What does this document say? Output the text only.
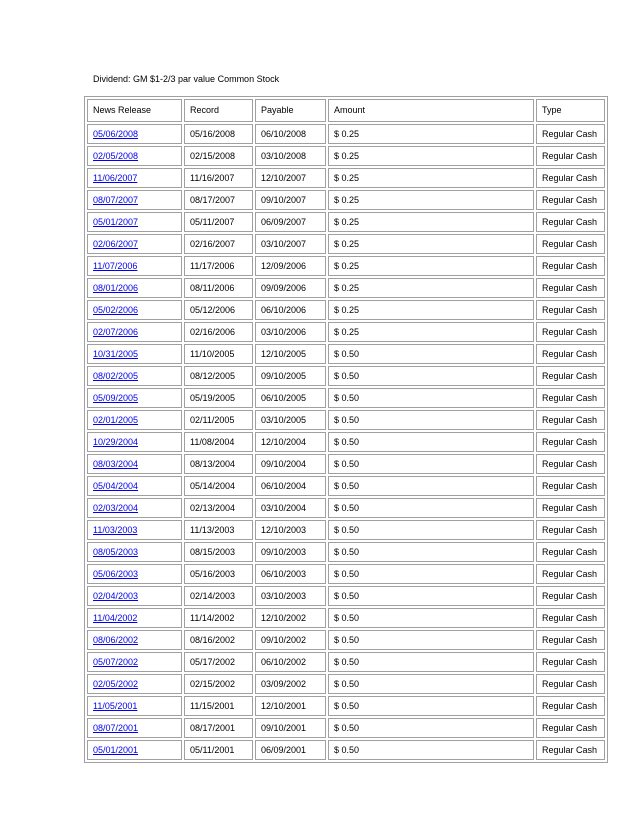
Dividend: GM $1-2/3 par value Common Stock
News Release	Record	Payable	Amount	Type
05/06/2008	05/16/2008	06/10/2008	$ 0.25	Regular Cash
02/05/2008	02/15/2008	03/10/2008	$ 0.25	Regular Cash
11/06/2007	11/16/2007	12/10/2007	$ 0.25	Regular Cash
08/07/2007	08/17/2007	09/10/2007	$ 0.25	Regular Cash
05/01/2007	05/11/2007	06/09/2007	$ 0.25	Regular Cash
02/06/2007	02/16/2007	03/10/2007	$ 0.25	Regular Cash
11/07/2006	11/17/2006	12/09/2006	$ 0.25	Regular Cash
08/01/2006	08/11/2006	09/09/2006	$ 0.25	Regular Cash
05/02/2006	05/12/2006	06/10/2006	$ 0.25	Regular Cash
02/07/2006	02/16/2006	03/10/2006	$ 0.25	Regular Cash
10/31/2005	11/10/2005	12/10/2005	$ 0.50	Regular Cash
08/02/2005	08/12/2005	09/10/2005	$ 0.50	Regular Cash
05/09/2005	05/19/2005	06/10/2005	$ 0.50	Regular Cash
02/01/2005	02/11/2005	03/10/2005	$ 0.50	Regular Cash
10/29/2004	11/08/2004	12/10/2004	$ 0.50	Regular Cash
08/03/2004	08/13/2004	09/10/2004	$ 0.50	Regular Cash
05/04/2004	05/14/2004	06/10/2004	$ 0.50	Regular Cash
02/03/2004	02/13/2004	03/10/2004	$ 0.50	Regular Cash
11/03/2003	11/13/2003	12/10/2003	$ 0.50	Regular Cash
08/05/2003	08/15/2003	09/10/2003	$ 0.50	Regular Cash
05/06/2003	05/16/2003	06/10/2003	$ 0.50	Regular Cash
02/04/2003	02/14/2003	03/10/2003	$ 0.50	Regular Cash
11/04/2002	11/14/2002	12/10/2002	$ 0.50	Regular Cash
08/06/2002	08/16/2002	09/10/2002	$ 0.50	Regular Cash
05/07/2002	05/17/2002	06/10/2002	$ 0.50	Regular Cash
02/05/2002	02/15/2002	03/09/2002	$ 0.50	Regular Cash
11/05/2001	11/15/2001	12/10/2001	$ 0.50	Regular Cash
08/07/2001	08/17/2001	09/10/2001	$ 0.50	Regular Cash
05/01/2001	05/11/2001	06/09/2001	$ 0.50	Regular Cash
